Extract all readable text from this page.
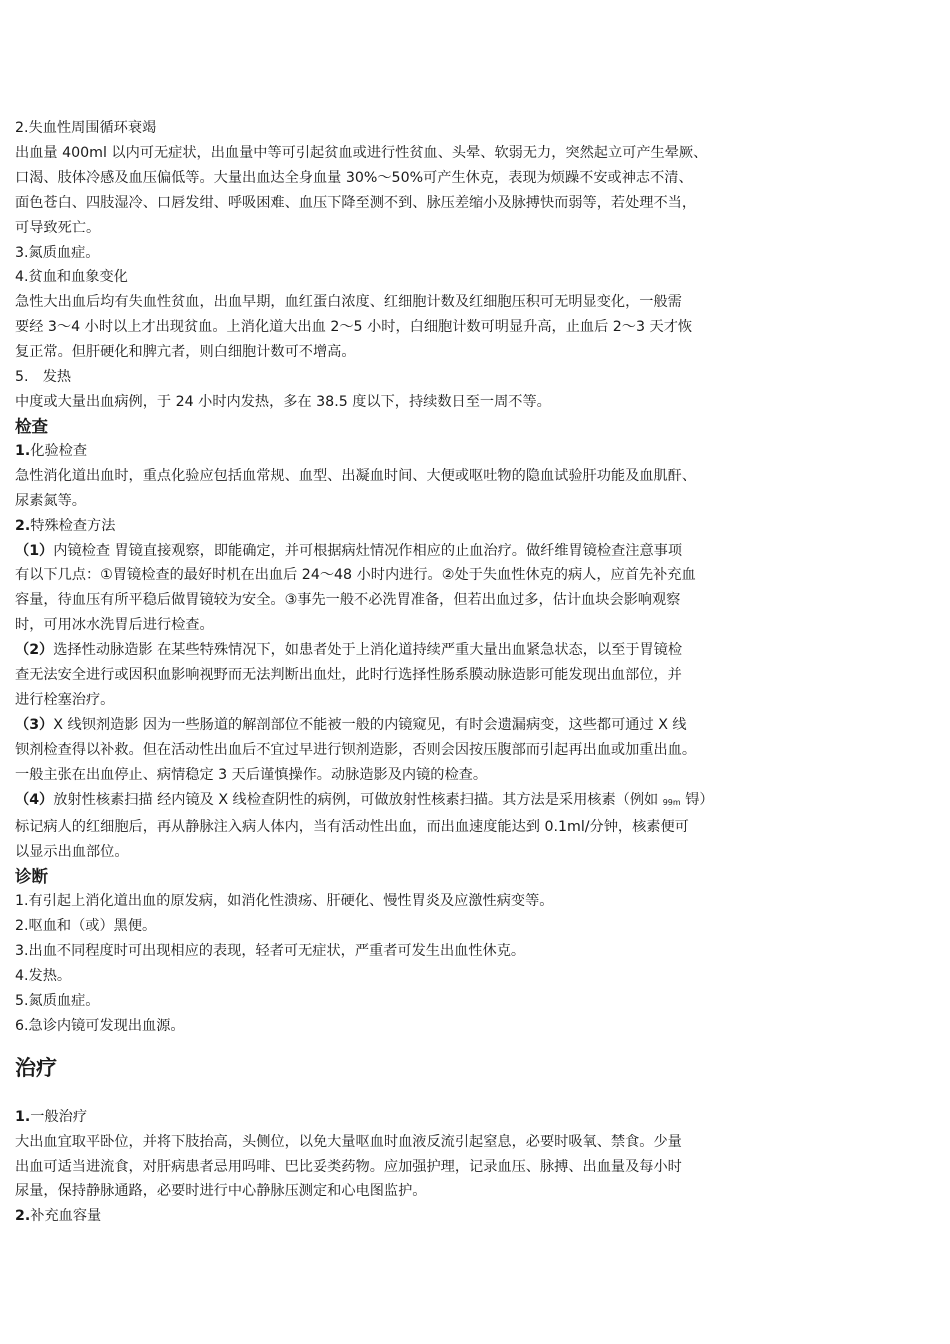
2.失血性周围循环衰竭

出血量 400ml 以内可无症状，出血量中等可引起贫血或进行性贫血、头晕、软弱无力，突然起立可产生晕厥、

口渴、肢体冷感及血压偏低等。大量出血达全身血量 30%～50%可产生休克，表现为烦躁不安或神志不清、

面色苍白、四肢湿冷、口唇发绀、呼吸困难、血压下降至测不到、脉压差缩小及脉搏快而弱等，若处理不当，

可导致死亡。

3.氮质血症。

4.贫血和血象变化

急性大出血后均有失血性贫血，出血早期，血红蛋白浓度、红细胞计数及红细胞压积可无明显变化，一般需

要经 3～4 小时以上才出现贫血。上消化道大出血 2～5 小时，白细胞计数可明显升高，止血后 2～3 天才恢

复正常。但肝硬化和脾亢者，则白细胞计数可不增高。

5.　发热

中度或大量出血病例，于 24 小时内发热，多在 38.5 度以下，持续数日至一周不等。

检查

1.化验检查

急性消化道出血时，重点化验应包括血常规、血型、出凝血时间、大便或呕吐物的隐血试验肝功能及血肌酐、

尿素氮等。

2.特殊检查方法

（1）内镜检查 胃镜直接观察，即能确定，并可根据病灶情况作相应的止血治疗。做纤维胃镜检查注意事项

有以下几点：①胃镜检查的最好时机在出血后 24～48 小时内进行。②处于失血性休克的病人，应首先补充血

容量，待血压有所平稳后做胃镜较为安全。③事先一般不必洗胃准备，但若出血过多，估计血块会影响观察

时，可用冰水洗胃后进行检查。

（2）选择性动脉造影 在某些特殊情况下，如患者处于上消化道持续严重大量出血紧急状态，以至于胃镜检

查无法安全进行或因积血影响视野而无法判断出血灶，此时行选择性肠系膜动脉造影可能发现出血部位，并

进行栓塞治疗。

（3）X 线钡剂造影 因为一些肠道的解剖部位不能被一般的内镜窥见，有时会遗漏病变，这些都可通过 X 线

钡剂检查得以补救。但在活动性出血后不宜过早进行钡剂造影，否则会因按压腹部而引起再出血或加重出血。

一般主张在出血停止、病情稳定 3 天后谨慎操作。动脉造影及内镜的检查。

（4）放射性核素扫描 经内镜及 X 线检查阴性的病例，可做放射性核素扫描。其方法是采用核素（例如 99m 锝）

标记病人的红细胞后，再从静脉注入病人体内，当有活动性出血，而出血速度能达到 0.1ml/分钟，核素便可

以显示出血部位。

诊断

1.有引起上消化道出血的原发病，如消化性溃疡、肝硬化、慢性胃炎及应激性病变等。

2.呕血和（或）黑便。

3.出血不同程度时可出现相应的表现，轻者可无症状，严重者可发生出血性休克。

4.发热。

5.氮质血症。

6.急诊内镜可发现出血源。

治疗

1.一般治疗

大出血宜取平卧位，并将下肢抬高，头侧位，以免大量呕血时血液反流引起窒息，必要时吸氧、禁食。少量

出血可适当进流食，对肝病患者忌用吗啡、巴比妥类药物。应加强护理，记录血压、脉搏、出血量及每小时

尿量，保持静脉通路，必要时进行中心静脉压测定和心电图监护。

2.补充血容量
